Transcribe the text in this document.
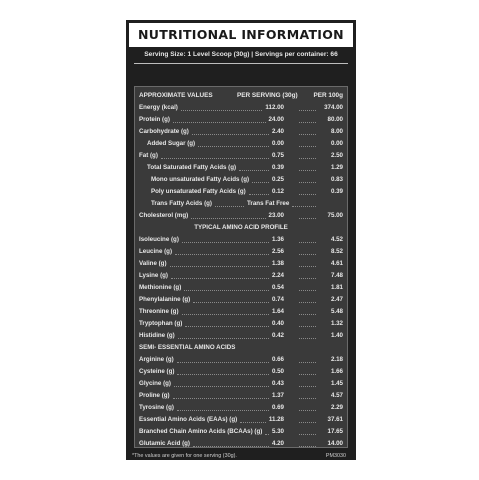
NUTRITIONAL INFORMATION
Serving Size: 1 Level Scoop (30g) | Servings per container: 66
APPROXIMATE VALUES	PER SERVING (30g) PER 100g
Energy (kcal)	112.00	374.00
Protein (g)	24.00	80.00
Carbohydrate (g)	2.40	8.00
Added Sugar (g)	0.00	0.00
Fat (g)	0.75	2.50
Total Saturated Fatty Acids (g)	0.39	1.29
Mono unsaturated Fatty Acids (g)	0.25	0.83
Poly unsaturated Fatty Acids (g)	0.12	0.39
Trans Fatty Acids (g)	Trans Fat Free
Cholesterol (mg)	23.00	75.00
TYPICAL AMINO ACID PROFILE
Isoleucine (g)	1.36	4.52
Leucine (g)	2.56	8.52
Valine (g)	1.38	4.61
Lysine (g)	2.24	7.48
Methionine (g)	0.54	1.81
Phenylalanine (g)	0.74	2.47
Threonine (g)	1.64	5.48
Tryptophan (g)	0.40	1.32
Histidine (g)	0.42	1.40
SEMI- ESSENTIAL AMINO ACIDS
Arginine (g)	0.66	2.18
Cysteine (g)	0.50	1.66
Glycine (g)	0.43	1.45
Proline (g)	1.37	4.57
Tyrosine (g)	0.69	2.29
Essential Amino Acids (EAAs) (g)	11.28	37.61
Branched Chain Amino Acids (BCAAs) (g) 5.30	17.65
Glutamic Acid (g)	4.20	14.00
*The values are given for one serving (30g).	PM3030
